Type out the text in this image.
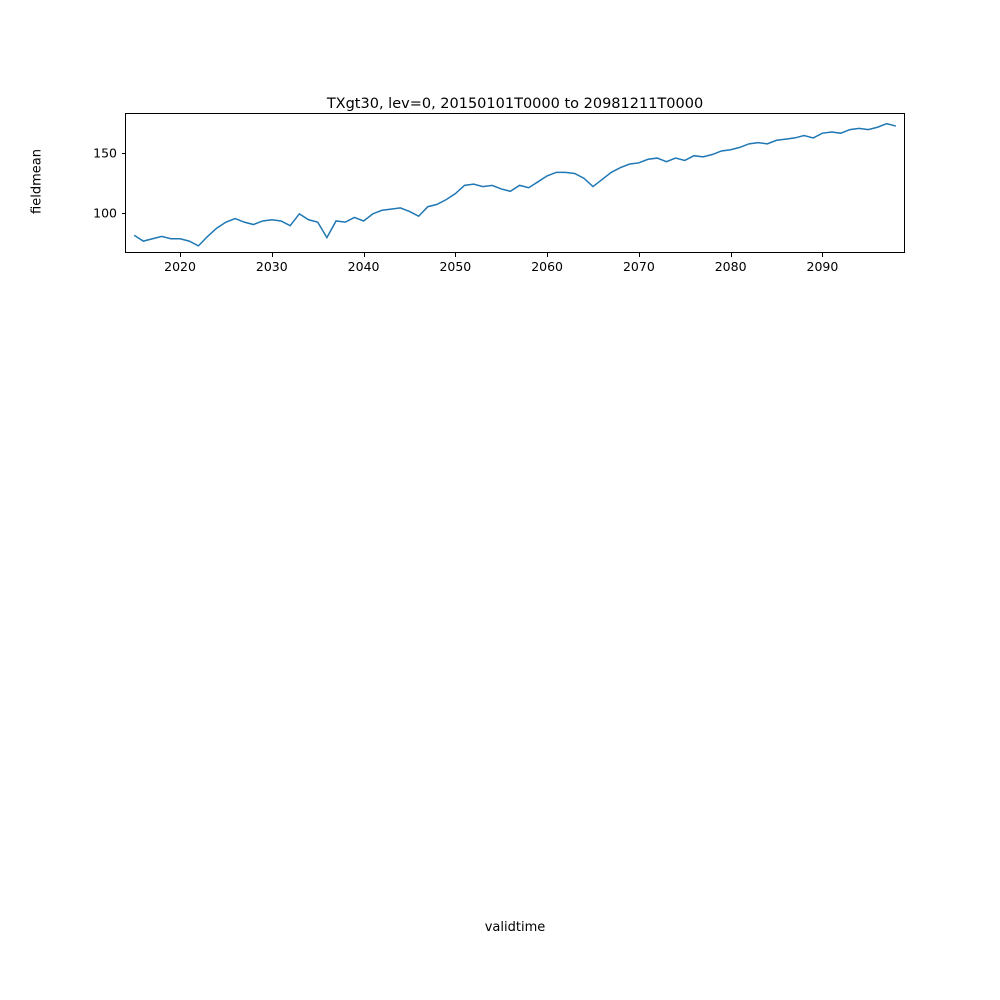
TXgt30, lev=0, 20150101T0000 to 20981211T0000
100
150
2020	2030	2040	2050	2060	2070	2080	2090
fieldmean
validtime
